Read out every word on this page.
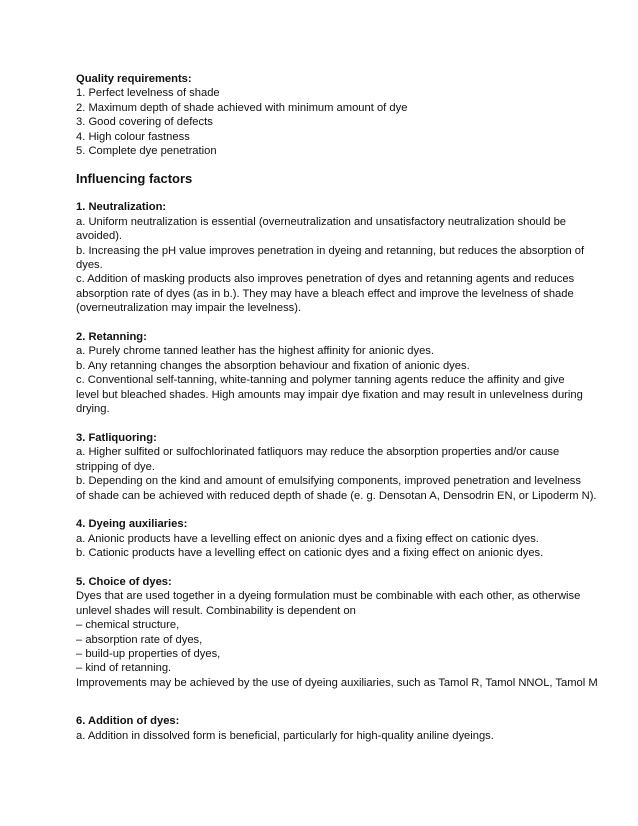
Quality requirements:
1. Perfect levelness of shade
2. Maximum depth of shade achieved with minimum amount of dye
3. Good covering of defects
4. High colour fastness
5. Complete dye penetration
Influencing factors
1. Neutralization:
a. Uniform neutralization is essential (overneutralization and unsatisfactory neutralization should be
avoided).
b. Increasing the pH value improves penetration in dyeing and retanning, but reduces the absorption of
dyes.
c. Addition of masking products also improves penetration of dyes and retanning agents and reduces
absorption rate of dyes (as in b.). They may have a bleach effect and improve the levelness of shade
(overneutralization may impair the levelness).
2. Retanning:
a. Purely chrome tanned leather has the highest affinity for anionic dyes.
b. Any retanning changes the absorption behaviour and fixation of anionic dyes.
c. Conventional self-tanning, white-tanning and polymer tanning agents reduce the affinity and give
level but bleached shades. High amounts may impair dye fixation and may result in unlevelness during
drying.
3. Fatliquoring:
a. Higher sulfited or sulfochlorinated fatliquors may reduce the absorption properties and/or cause
stripping of dye.
b. Depending on the kind and amount of emulsifying components, improved penetration and levelness
of shade can be achieved with reduced depth of shade (e. g. Densotan A, Densodrin EN, or Lipoderm N).
4. Dyeing auxiliaries:
a. Anionic products have a levelling effect on anionic dyes and a fixing effect on cationic dyes.
b. Cationic products have a levelling effect on cationic dyes and a fixing effect on anionic dyes.
5. Choice of dyes:
Dyes that are used together in a dyeing formulation must be combinable with each other, as otherwise
unlevel shades will result. Combinability is dependent on
– chemical structure,
– absorption rate of dyes,
– build-up properties of dyes,
– kind of retanning.
Improvements may be achieved by the use of dyeing auxiliaries, such as Tamol R, Tamol NNOL, Tamol M
6. Addition of dyes:
a. Addition in dissolved form is beneficial, particularly for high-quality aniline dyeings.
